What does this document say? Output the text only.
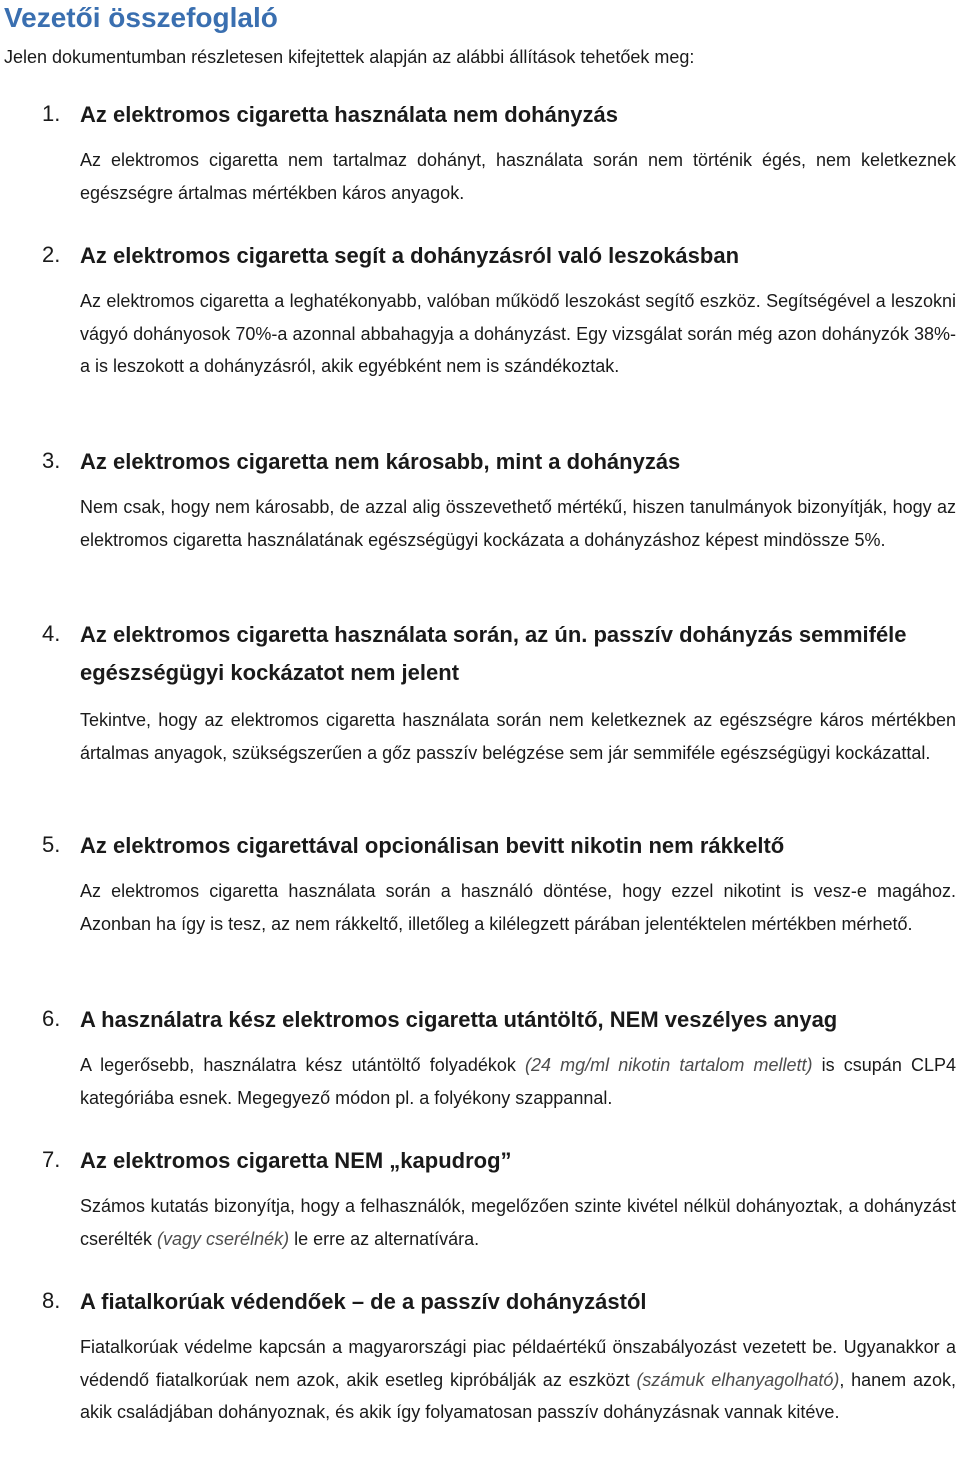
Vezetői összefoglaló

Jelen dokumentumban részletesen kifejtettek alapján az alábbi állítások tehetőek meg:

1. Az elektromos cigaretta használata nem dohányzás

Az elektromos cigaretta nem tartalmaz dohányt, használata során nem történik égés, nem keletkeznek egészségre ártalmas mértékben káros anyagok.

2. Az elektromos cigaretta segít a dohányzásról való leszokásban

Az elektromos cigaretta a leghatékonyabb, valóban működő leszokást segítő eszköz. Segítségével a leszokni vágyó dohányosok 70%-a azonnal abbahagyja a dohányzást. Egy vizsgálat során még azon dohányzók 38%-a is leszokott a dohányzásról, akik egyébként nem is szándékoztak.

3. Az elektromos cigaretta nem károsabb, mint a dohányzás

Nem csak, hogy nem károsabb, de azzal alig összevethető mértékű, hiszen tanulmányok bizonyítják, hogy az elektromos cigaretta használatának egészségügyi kockázata a dohányzáshoz képest mindössze 5%.

4. Az elektromos cigaretta használata során, az ún. passzív dohányzás semmiféle egészségügyi kockázatot nem jelent

Tekintve, hogy az elektromos cigaretta használata során nem keletkeznek az egészségre káros mértékben ártalmas anyagok, szükségszerűen a gőz passzív belégzése sem jár semmiféle egészségügyi kockázattal.

5. Az elektromos cigarettával opcionálisan bevitt nikotin nem rákkeltő

Az elektromos cigaretta használata során a használó döntése, hogy ezzel nikotint is vesz-e magához. Azonban ha így is tesz, az nem rákkeltő, illetőleg a kilélegzett párában jelentéktelen mértékben mérhető.

6. A használatra kész elektromos cigaretta utántöltő, NEM veszélyes anyag

A legerősebb, használatra kész utántöltő folyadékok (24 mg/ml nikotin tartalom mellett) is csupán CLP4 kategóriába esnek. Megegyező módon pl. a folyékony szappannal.

7. Az elektromos cigaretta NEM „kapudrog”

Számos kutatás bizonyítja, hogy a felhasználók, megelőzően szinte kivétel nélkül dohányoztak, a dohányzást cserélték (vagy cserélnék) le erre az alternatívára.

8. A fiatalkorúak védendőek – de a passzív dohányzástól

Fiatalkorúak védelme kapcsán a magyarországi piac példaértékű önszabályozást vezetett be. Ugyanakkor a védendő fiatalkorúak nem azok, akik esetleg kipróbálják az eszközt (számuk elhanyagolható), hanem azok, akik családjában dohányoznak, és akik így folyamatosan passzív dohányzásnak vannak kitéve.
